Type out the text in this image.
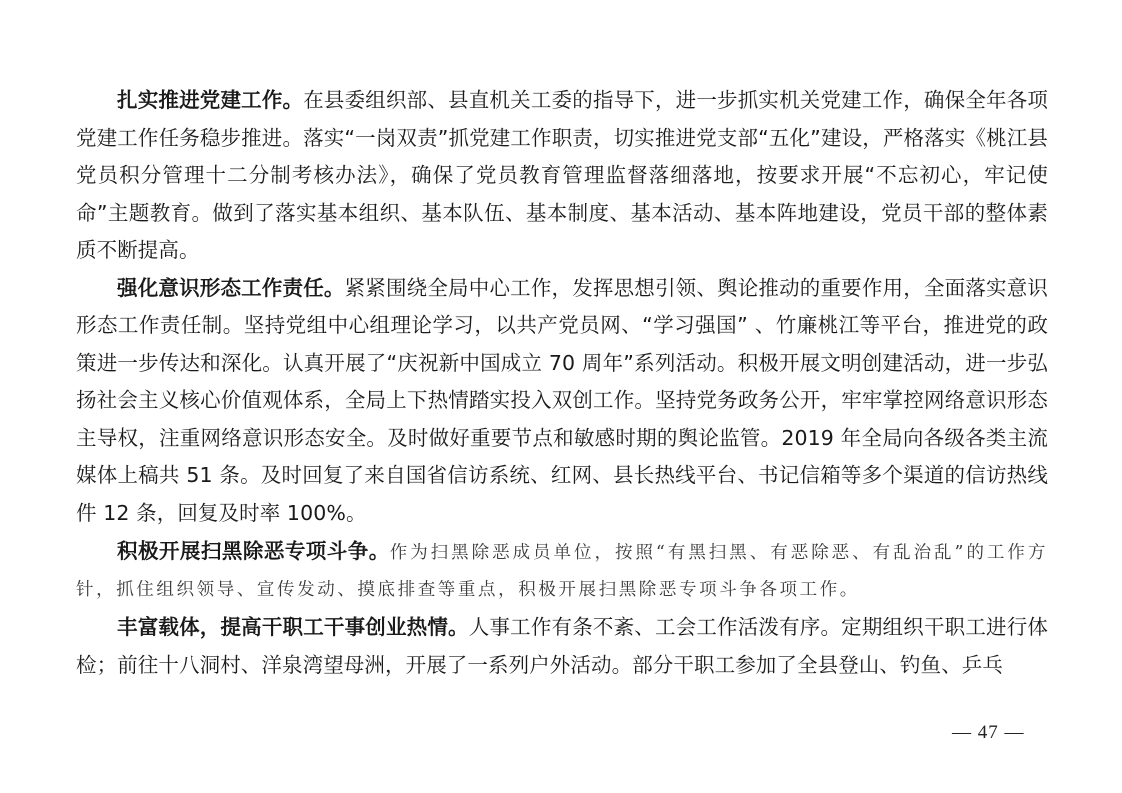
扎实推进党建工作。在县委组织部、县直机关工委的指导下，进一步抓实机关党建工作，确保全年各项党建工作任务稳步推进。落实“一岗双责”抓党建工作职责，切实推进党支部“五化”建设，严格落实《桃江县党员积分管理十二分制考核办法》，确保了党员教育管理监督落细落地，按要求开展“不忘初心，牢记使命”主题教育。做到了落实基本组织、基本队伍、基本制度、基本活动、基本阵地建设，党员干部的整体素质不断提高。

强化意识形态工作责任。紧紧围绕全局中心工作，发挥思想引领、舆论推动的重要作用，全面落实意识形态工作责任制。坚持党组中心组理论学习，以共产党员网、“学习强国” 、竹廉桃江等平台，推进党的政策进一步传达和深化。认真开展了“庆祝新中国成立 70 周年”系列活动。积极开展文明创建活动，进一步弘扬社会主义核心价值观体系，全局上下热情踏实投入双创工作。坚持党务政务公开，牢牢掌控网络意识形态主导权，注重网络意识形态安全。及时做好重要节点和敏感时期的舆论监管。2019 年全局向各级各类主流媒体上稿共 51 条。及时回复了来自国省信访系统、红网、县长热线平台、书记信箱等多个渠道的信访热线件 12 条，回复及时率 100%。

积极开展扫黑除恶专项斗争。作为扫黑除恶成员单位，按照“有黑扫黑、有恶除恶、有乱治乱”的工作方针，抓住组织领导、宣传发动、摸底排查等重点，积极开展扫黑除恶专项斗争各项工作。

丰富载体，提高干职工干事创业热情。人事工作有条不紊、工会工作活泼有序。定期组织干职工进行体检；前往十八洞村、洋泉湾望母洲，开展了一系列户外活动。部分干职工参加了全县登山、钓鱼、乒乓

— 47 —
